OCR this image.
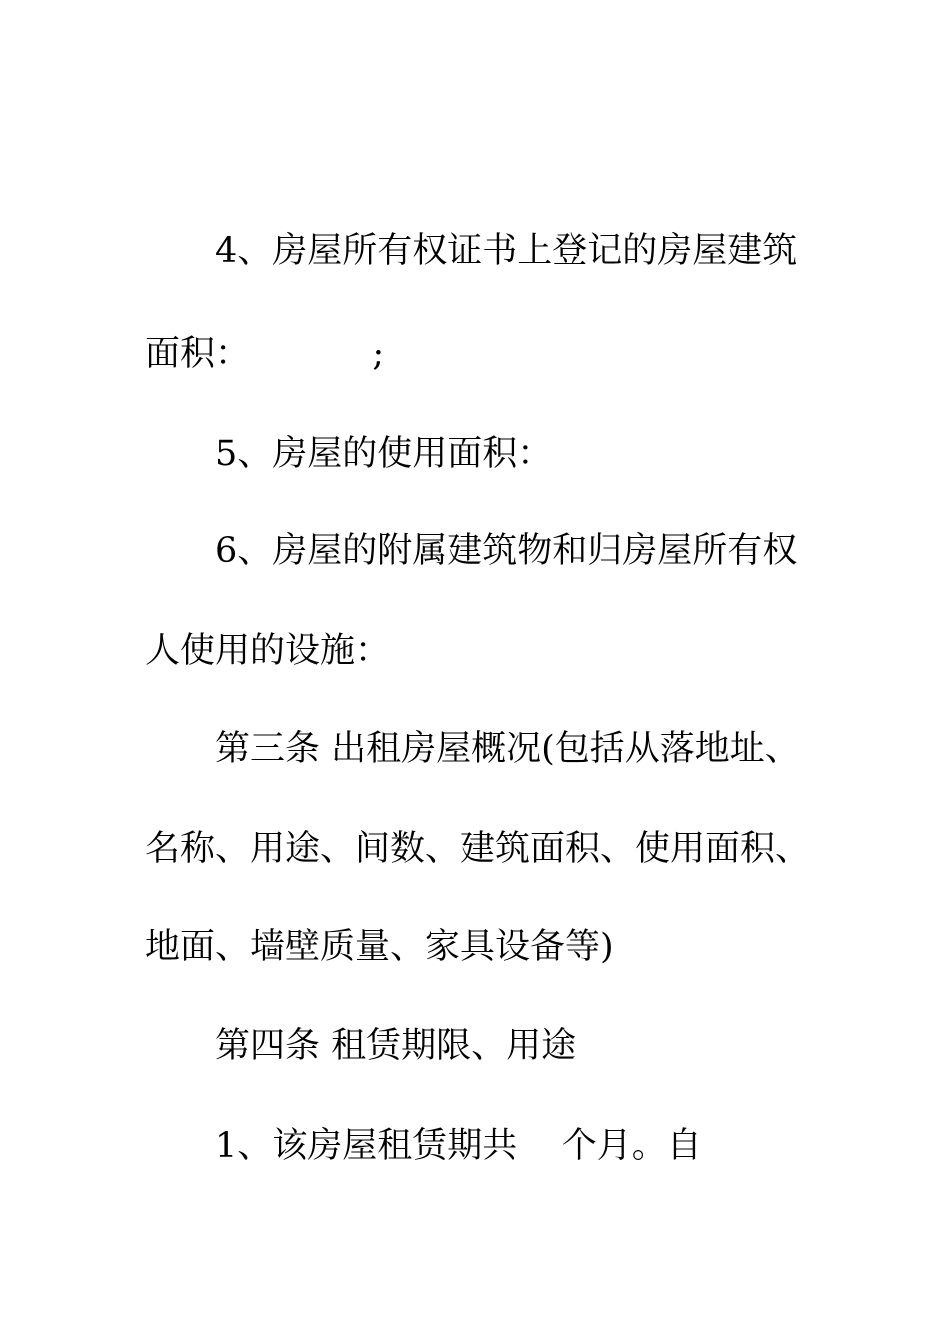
4、房屋所有权证书上登记的房屋建筑
面积：           ;
5、房屋的使用面积：
6、房屋的附属建筑物和归房屋所有权
人使用的设施：
第三条 出租房屋概况(包括从落地址、
名称、用途、间数、建筑面积、使用面积、
地面、墙壁质量、家具设备等)
第四条 租赁期限、用途
1、该房屋租赁期共    个月。自
